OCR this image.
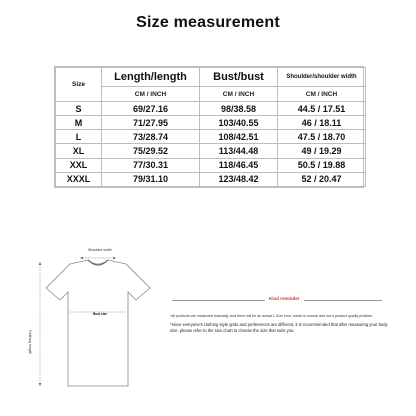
Size measurement
Size	Length/length	Bust/bust	Shoulder/shoulder width
	CM / INCH	CM / INCH	CM / INCH
S	69/27.16	98/38.58	44.5 / 17.51
M	71/27.95	103/40.55	46 / 18.11
L	73/28.74	108/42.51	47.5 / 18.70
XL	75/29.52	113/44.48	49 / 19.29
XXL	77/30.31	118/46.45	50.5 / 19.88
XXXL	79/31.10	123/48.42	52 / 20.47
Shoulder width
Clothing length
Bust size
Kind reminder
*all products are measured manually, and there will be an actual 1-3cm error, which is normal and not a product quality problem.
*since everyone's clothing style grids and preferences are different, it is recommended that after measuring your body size, please refer to the size chart to choose the size that suits you.
